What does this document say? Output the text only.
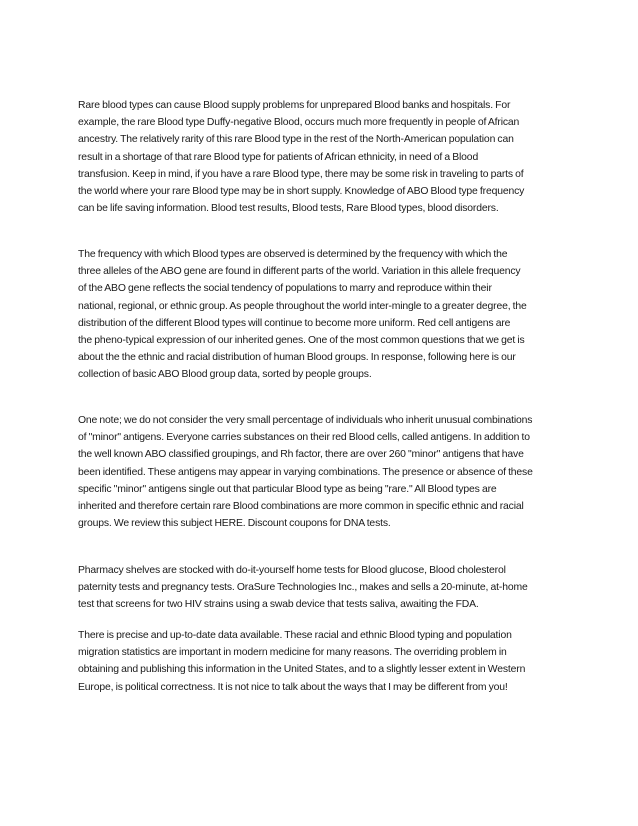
Rare blood types can cause Blood supply problems for unprepared Blood banks and hospitals. For
example, the rare Blood type Duffy-negative Blood, occurs much more frequently in people of African
ancestry. The relatively rarity of this rare Blood type in the rest of the North-American population can
result in a shortage of that rare Blood type for patients of African ethnicity, in need of a Blood
transfusion. Keep in mind, if you have a rare Blood type, there may be some risk in traveling to parts of
the world where your rare Blood type may be in short supply. Knowledge of ABO Blood type frequency
can be life saving information. Blood test results, Blood tests, Rare Blood types, blood disorders.

The frequency with which Blood types are observed is determined by the frequency with which the
three alleles of the ABO gene are found in different parts of the world. Variation in this allele frequency
of the ABO gene reflects the social tendency of populations to marry and reproduce within their
national, regional, or ethnic group. As people throughout the world inter-mingle to a greater degree, the
distribution of the different Blood types will continue to become more uniform. Red cell antigens are
the pheno-typical expression of our inherited genes. One of the most common questions that we get is
about the the ethnic and racial distribution of human Blood groups. In response, following here is our
collection of basic ABO Blood group data, sorted by people groups.

One note; we do not consider the very small percentage of individuals who inherit unusual combinations
of "minor" antigens. Everyone carries substances on their red Blood cells, called antigens. In addition to
the well known ABO classified groupings, and Rh factor, there are over 260 "minor" antigens that have
been identified. These antigens may appear in varying combinations. The presence or absence of these
specific "minor" antigens single out that particular Blood type as being "rare." All Blood types are
inherited and therefore certain rare Blood combinations are more common in specific ethnic and racial
groups. We review this subject HERE. Discount coupons for DNA tests.

Pharmacy shelves are stocked with do-it-yourself home tests for Blood glucose, Blood cholesterol
paternity tests and pregnancy tests. OraSure Technologies Inc., makes and sells a 20-minute, at-home
test that screens for two HIV strains using a swab device that tests saliva, awaiting the FDA.

There is precise and up-to-date data available. These racial and ethnic Blood typing and population
migration statistics are important in modern medicine for many reasons. The overriding problem in
obtaining and publishing this information in the United States, and to a slightly lesser extent in Western
Europe, is political correctness. It is not nice to talk about the ways that I may be different from you!
